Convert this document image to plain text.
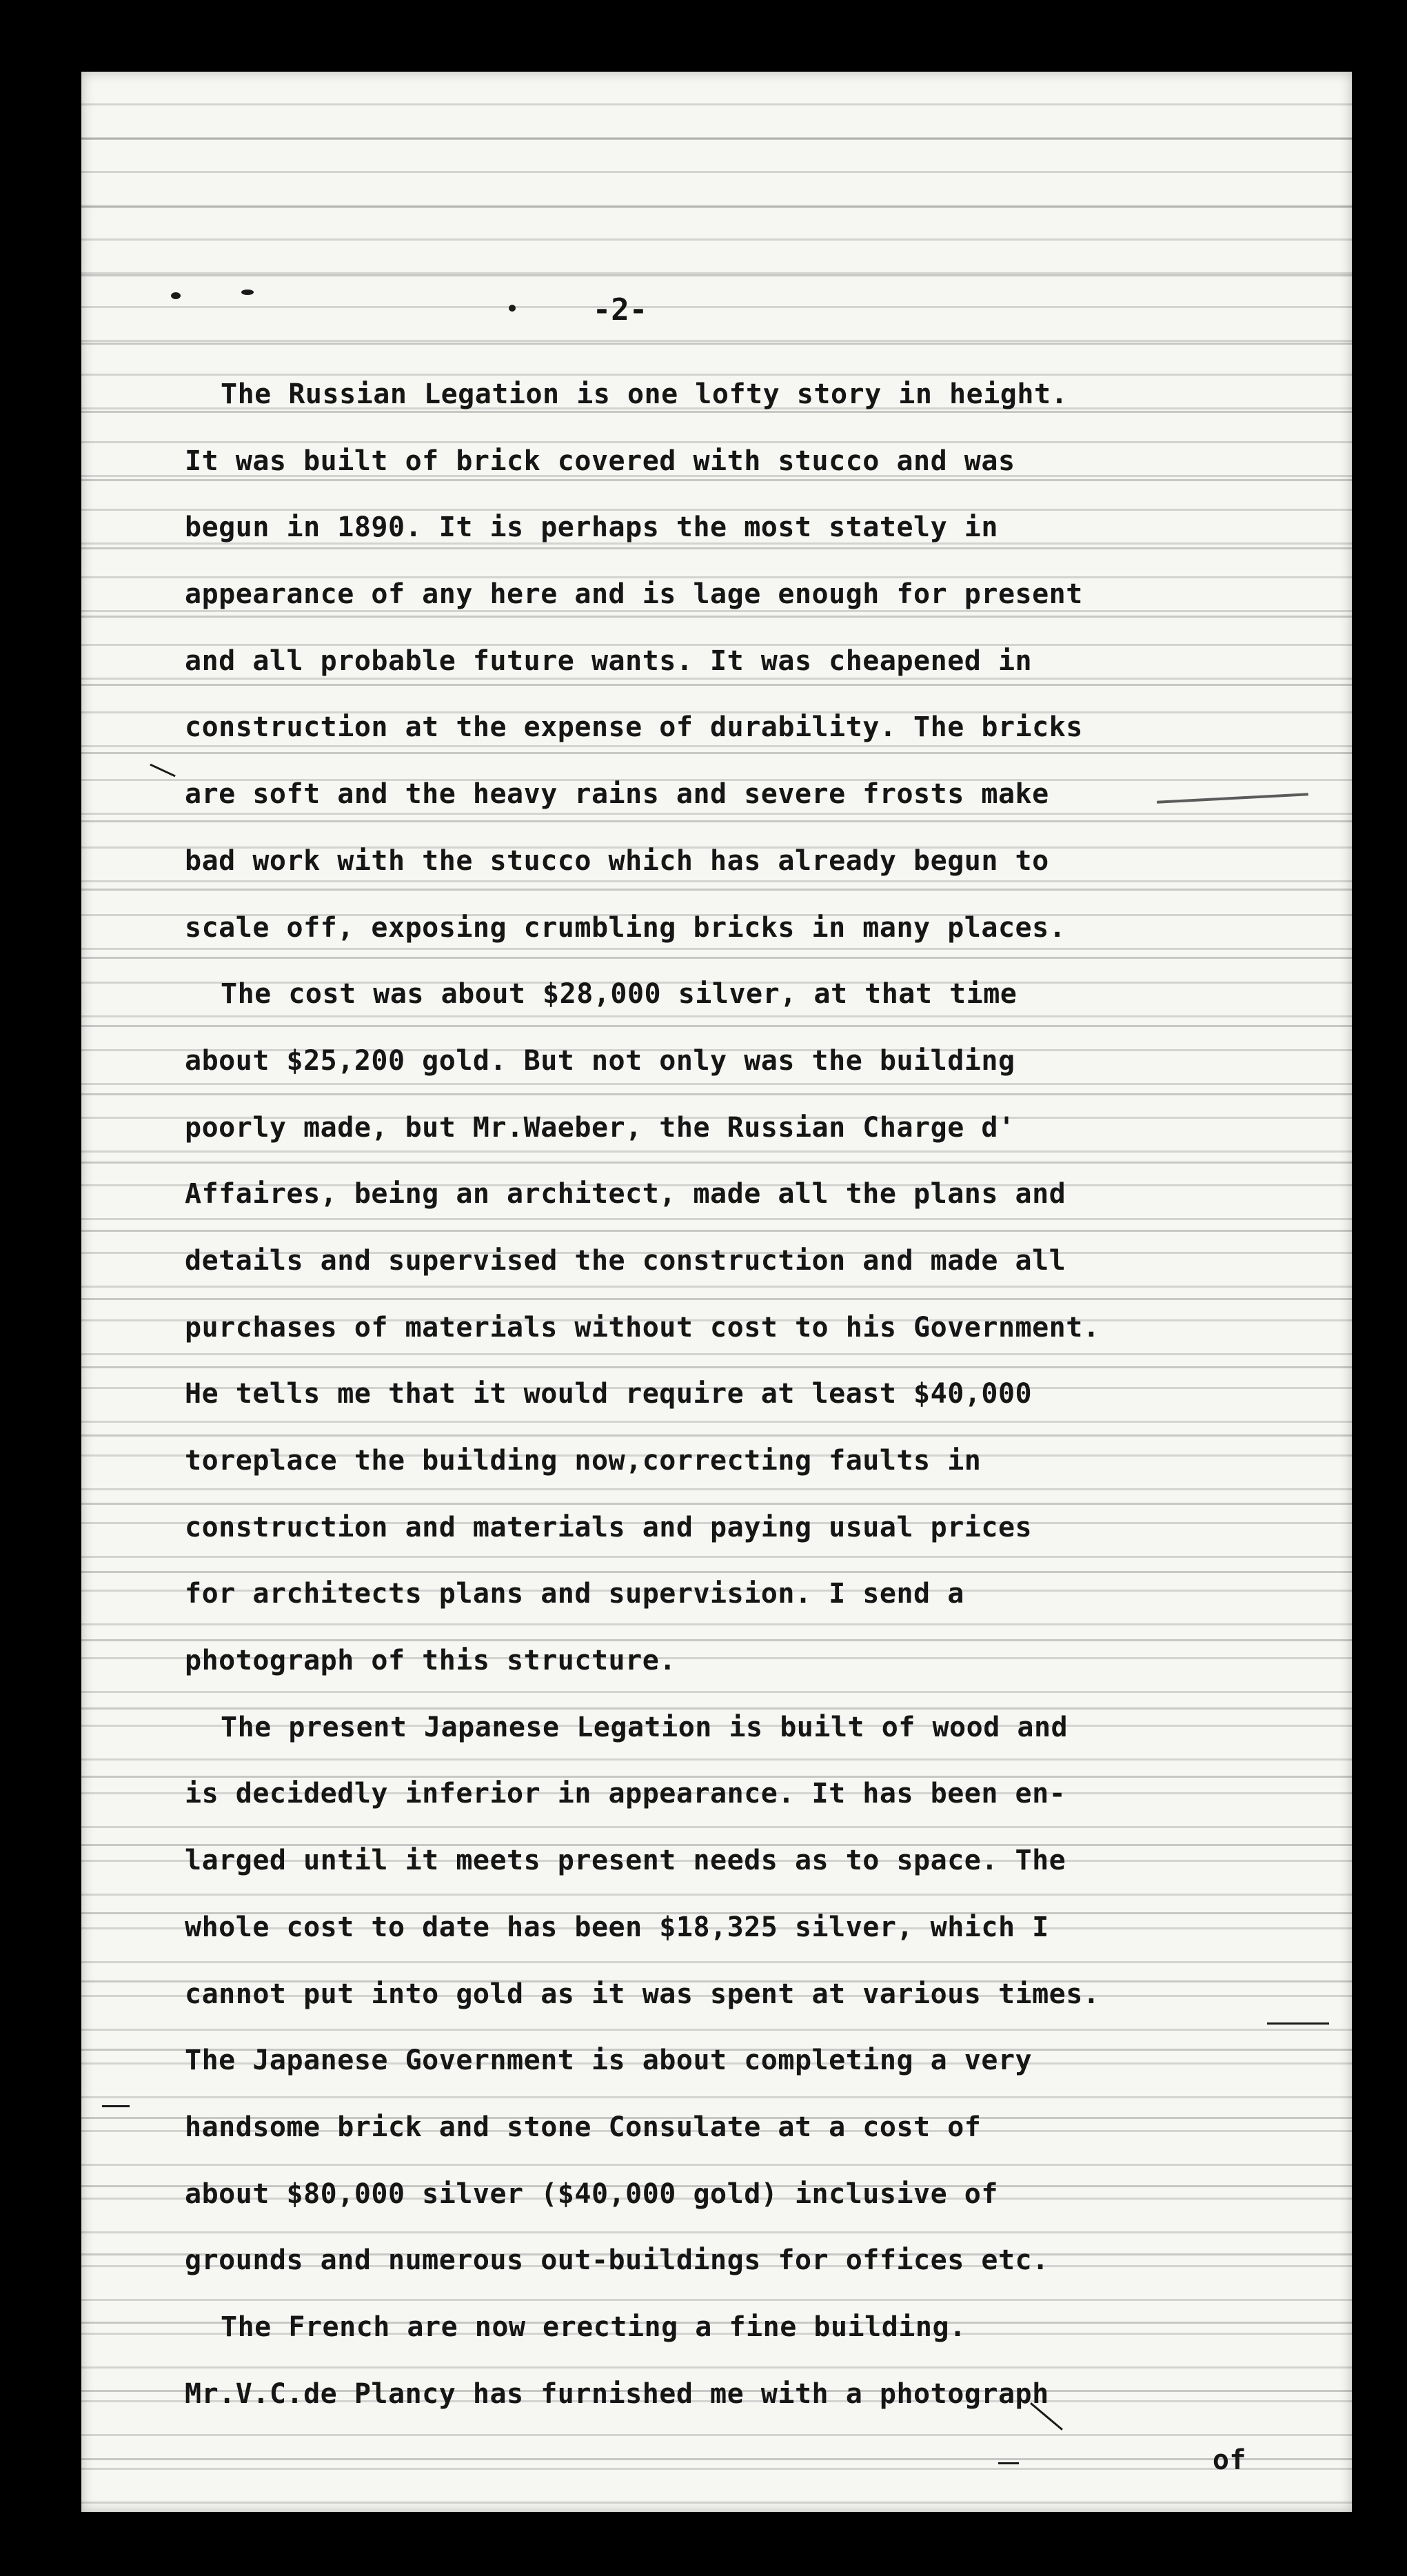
-2-
The Russian Legation is one lofty story in height.
It was built of brick covered with stucco and was
begun in 1890. It is perhaps the most stately in
appearance of any here and is lage enough for present
and all probable future wants. It was cheapened in
construction at the expense of durability. The bricks
are soft and the heavy rains and severe frosts make
bad work with the stucco which has already begun to
scale off, exposing crumbling bricks in many places.
The cost was about $28,000 silver, at that time
about $25,200 gold. But not only was the building
poorly made, but Mr.Waeber, the Russian Charge d'
Affaires, being an architect, made all the plans and
details and supervised the construction and made all
purchases of materials without cost to his Government.
He tells me that it would require at least $40,000
toreplace the building now,correcting faults in
construction and materials and paying usual prices
for architects plans and supervision. I send a
photograph of this structure.
The present Japanese Legation is built of wood and
is decidedly inferior in appearance. It has been en-
larged until it meets present needs as to space. The
whole cost to date has been $18,325 silver, which I
cannot put into gold as it was spent at various times.
The Japanese Government is about completing a very
handsome brick and stone Consulate at a cost of
about $80,000 silver ($40,000 gold) inclusive of
grounds and numerous out-buildings for offices etc.
The French are now erecting a fine building.
Mr.V.C.de Plancy has furnished me with a photograph
of
